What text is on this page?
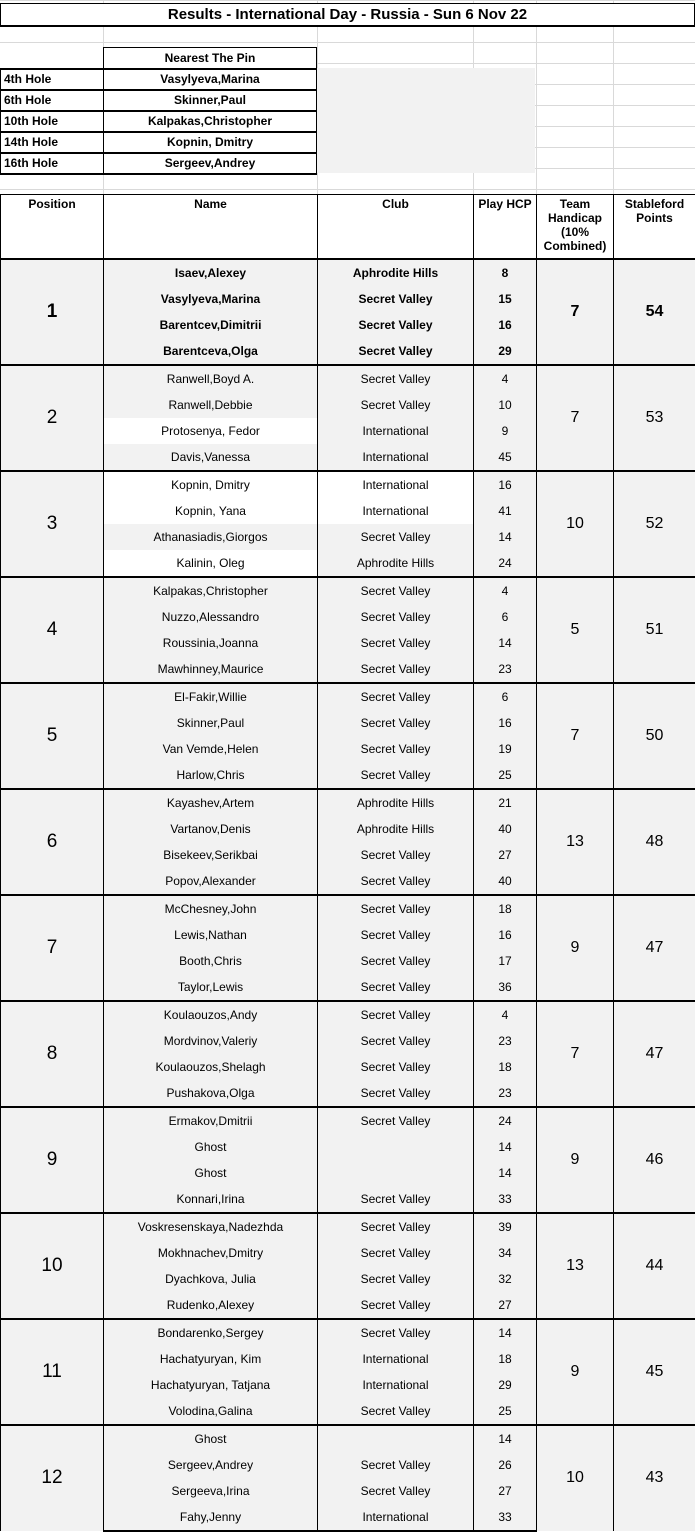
Results - International Day - Russia - Sun 6 Nov 22
	Nearest The Pin
4th Hole	Vasylyeva,Marina
6th Hole	Skinner,Paul
10th Hole	Kalpakas,Christopher
14th Hole	Kopnin, Dmitry
16th Hole	Sergeev,Andrey
Position	Name	Club	Play HCP	Team Handicap (10% Combined)	Stableford Points
1	Isaev,Alexey	Aphrodite Hills	8	7	54
	Vasylyeva,Marina	Secret Valley	15		
	Barentcev,Dimitrii	Secret Valley	16		
	Barentceva,Olga	Secret Valley	29		
2	Ranwell,Boyd A.	Secret Valley	4	7	53
	Ranwell,Debbie	Secret Valley	10		
	Protosenya, Fedor	International	9		
	Davis,Vanessa	International	45		
3	Kopnin, Dmitry	International	16	10	52
	Kopnin, Yana	International	41		
	Athanasiadis,Giorgos	Secret Valley	14		
	Kalinin, Oleg	Aphrodite Hills	24		
4	Kalpakas,Christopher	Secret Valley	4	5	51
	Nuzzo,Alessandro	Secret Valley	6		
	Roussinia,Joanna	Secret Valley	14		
	Mawhinney,Maurice	Secret Valley	23		
5	El-Fakir,Willie	Secret Valley	6	7	50
	Skinner,Paul	Secret Valley	16		
	Van Vemde,Helen	Secret Valley	19		
	Harlow,Chris	Secret Valley	25		
6	Kayashev,Artem	Aphrodite Hills	21	13	48
	Vartanov,Denis	Aphrodite Hills	40		
	Bisekeev,Serikbai	Secret Valley	27		
	Popov,Alexander	Secret Valley	40		
7	McChesney,John	Secret Valley	18	9	47
	Lewis,Nathan	Secret Valley	16		
	Booth,Chris	Secret Valley	17		
	Taylor,Lewis	Secret Valley	36		
8	Koulaouzos,Andy	Secret Valley	4	7	47
	Mordvinov,Valeriy	Secret Valley	23		
	Koulaouzos,Shelagh	Secret Valley	18		
	Pushakova,Olga	Secret Valley	23		
9	Ermakov,Dmitrii	Secret Valley	24	9	46
	Ghost		14		
	Ghost		14		
	Konnari,Irina	Secret Valley	33		
10	Voskresenskaya,Nadezhda	Secret Valley	39	13	44
	Mokhnachev,Dmitry	Secret Valley	34		
	Dyachkova, Julia	Secret Valley	32		
	Rudenko,Alexey	Secret Valley	27		
11	Bondarenko,Sergey	Secret Valley	14	9	45
	Hachatyuryan, Kim	International	18		
	Hachatyuryan, Tatjana	International	29		
	Volodina,Galina	Secret Valley	25		
12	Ghost		14	10	43
	Sergeev,Andrey	Secret Valley	26		
	Sergeeva,Irina	Secret Valley	27		
	Fahy,Jenny	International	33		
